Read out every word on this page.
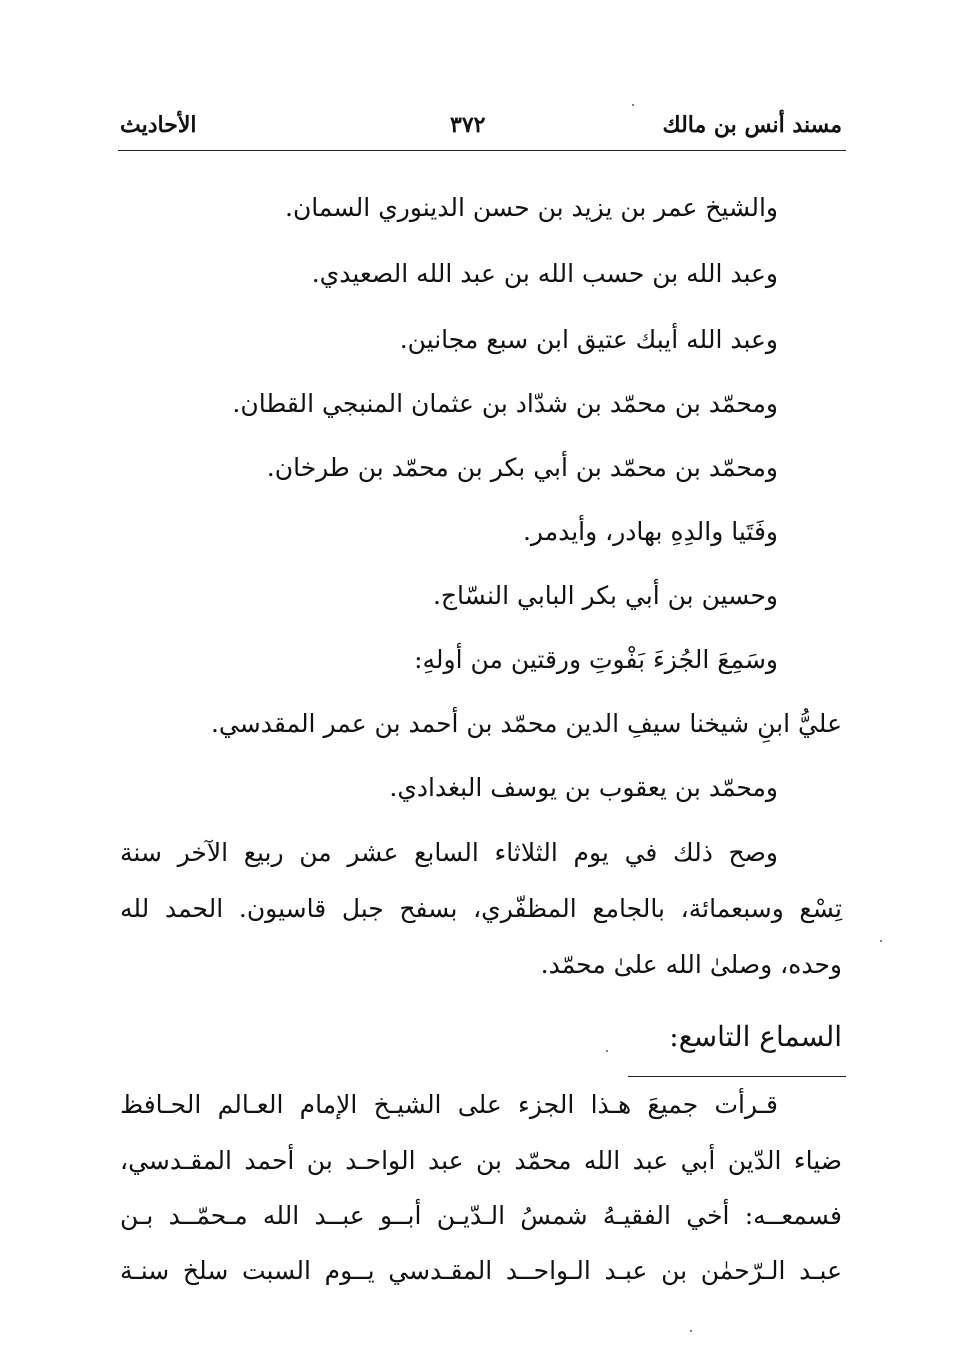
مسند أنس بن مالك
٣٧٢
الأحاديث
والشيخ عمر بن يزيد بن حسن الدينوري السمان.
وعبد الله بن حسب الله بن عبد الله الصعيدي.
وعبد الله أيبك عتيق ابن سبع مجانين.
ومحمّد بن محمّد بن شدّاد بن عثمان المنبجي القطان.
ومحمّد بن محمّد بن أبي بكر بن محمّد بن طرخان.
وفَتَيا والدِهِ بهادر، وأيدمر.
وحسين بن أبي بكر البابي النسّاج.
وسَمِعَ الجُزءَ بَفْوتِ ورقتين من أولهِ:
عليُّ ابنِ شيخنا سيفِ الدين محمّد بن أحمد بن عمر المقدسي.
ومحمّد بن يعقوب بن يوسف البغدادي.
وصح ذلك في يوم الثلاثاء السابع عشر من ربيع الآخر سنة
تِسْع وسبعمائة، بالجامع المظفّري، بسفح جبل قاسيون. الحمد لله
وحده، وصلىٰ الله علىٰ محمّد.
السماع التاسع:
قـرأت جميعَ هـذا الجزء على الشيـخ الإمام العـالم الحـافظ
ضياء الدّين أبي عبد الله محمّد بن عبد الواحـد بن أحمد المقـدسي،
فسمعــه: أخي الفقيـهُ شمسُ الـدّيـن أبــو عبــد الله مـحمّــد بـن
عبـد الـرّحمٰن بن عبـد الـواحــد المقـدسي يــوم السبت سلخ سنـة
